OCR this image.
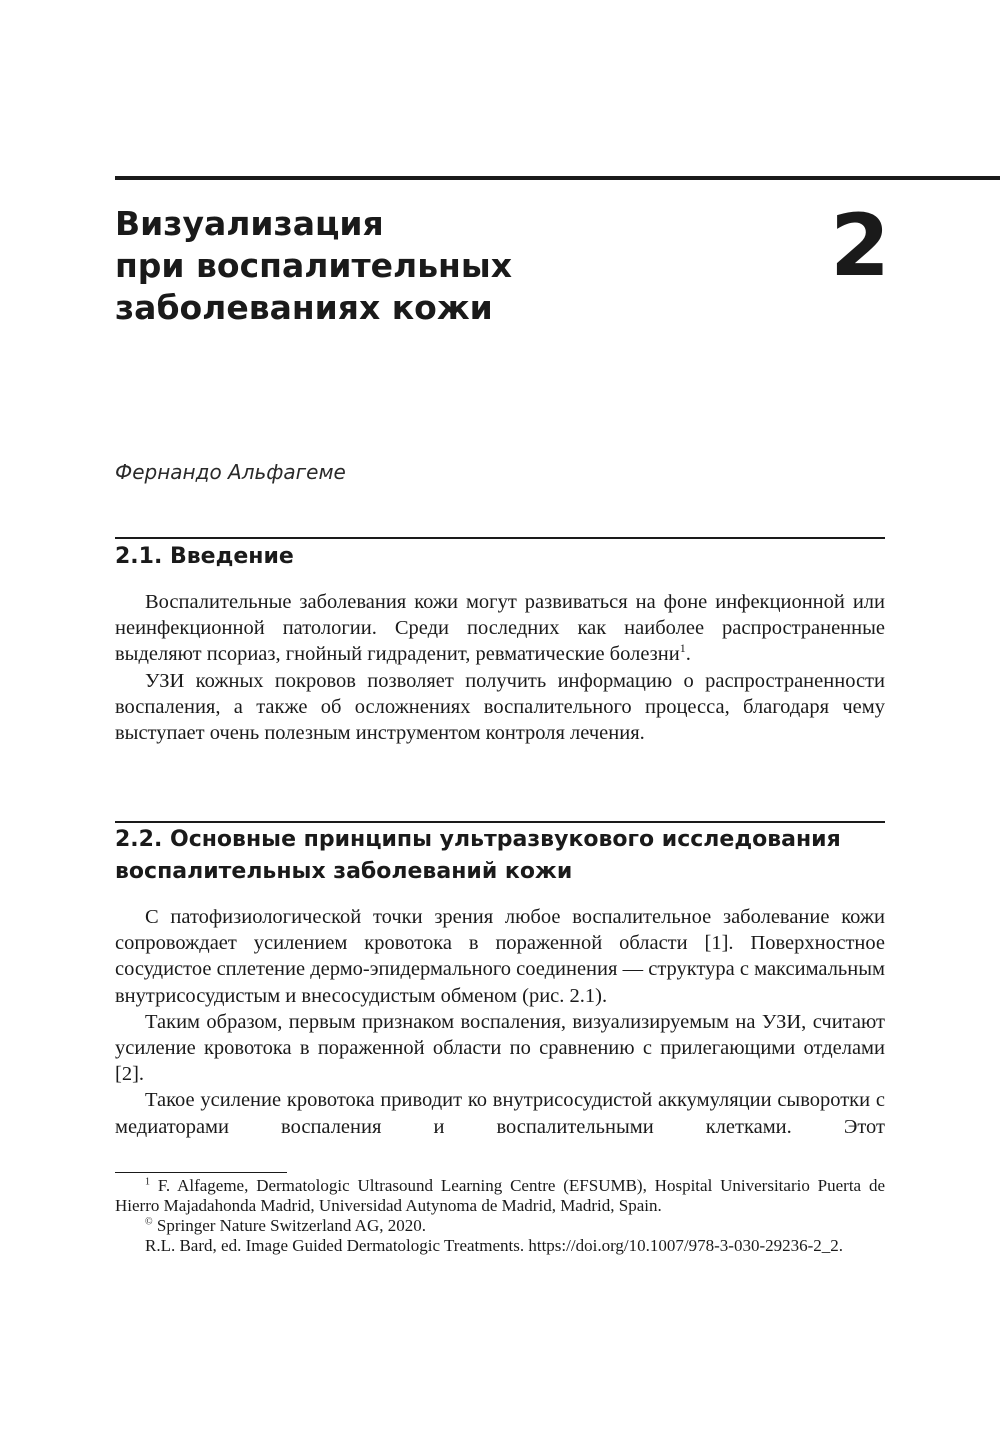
Визуализация
при воспалительных
заболеваниях кожи
2
Фернандо Альфагеме
2.1. Введение

Воспалительные заболевания кожи могут развиваться на фоне инфекционной или неинфекционной патологии. Среди последних как наиболее распространенные выделяют псориаз, гнойный гидраденит, ревматические болезни$^1$.

УЗИ кожных покровов позволяет получить информацию о распространенности воспаления, а также об осложнениях воспалительного процесса, благодаря чему выступает очень полезным инструментом контроля лечения.

2.2. Основные принципы ультразвукового исследования
воспалительных заболеваний кожи

С патофизиологической точки зрения любое воспалительное заболевание кожи сопровождает усилением кровотока в пораженной области [1]. Поверхностное сосудистое сплетение дермо-эпидермального соединения — структура с максимальным внутрисосудистым и внесосудистым обменом (рис. 2.1).

Таким образом, первым признаком воспаления, визуализируемым на УЗИ, считают усиление кровотока в пораженной области по сравнению с прилегающими отделами [2].

Такое усиление кровотока приводит ко внутрисосудистой аккумуляции сыворотки с медиаторами воспаления и воспалительными клетками. Этот

$^1$ F. Alfageme, Dermatologic Ultrasound Learning Centre (EFSUMB), Hospital Universitario Puerta de Hierro Majadahonda Madrid, Universidad Autynoma de Madrid, Madrid, Spain.

© Springer Nature Switzerland AG, 2020.

R.L. Bard, ed. Image Guided Dermatologic Treatments. https://doi.org/10.1007/978-3-030-29236-2_2.
